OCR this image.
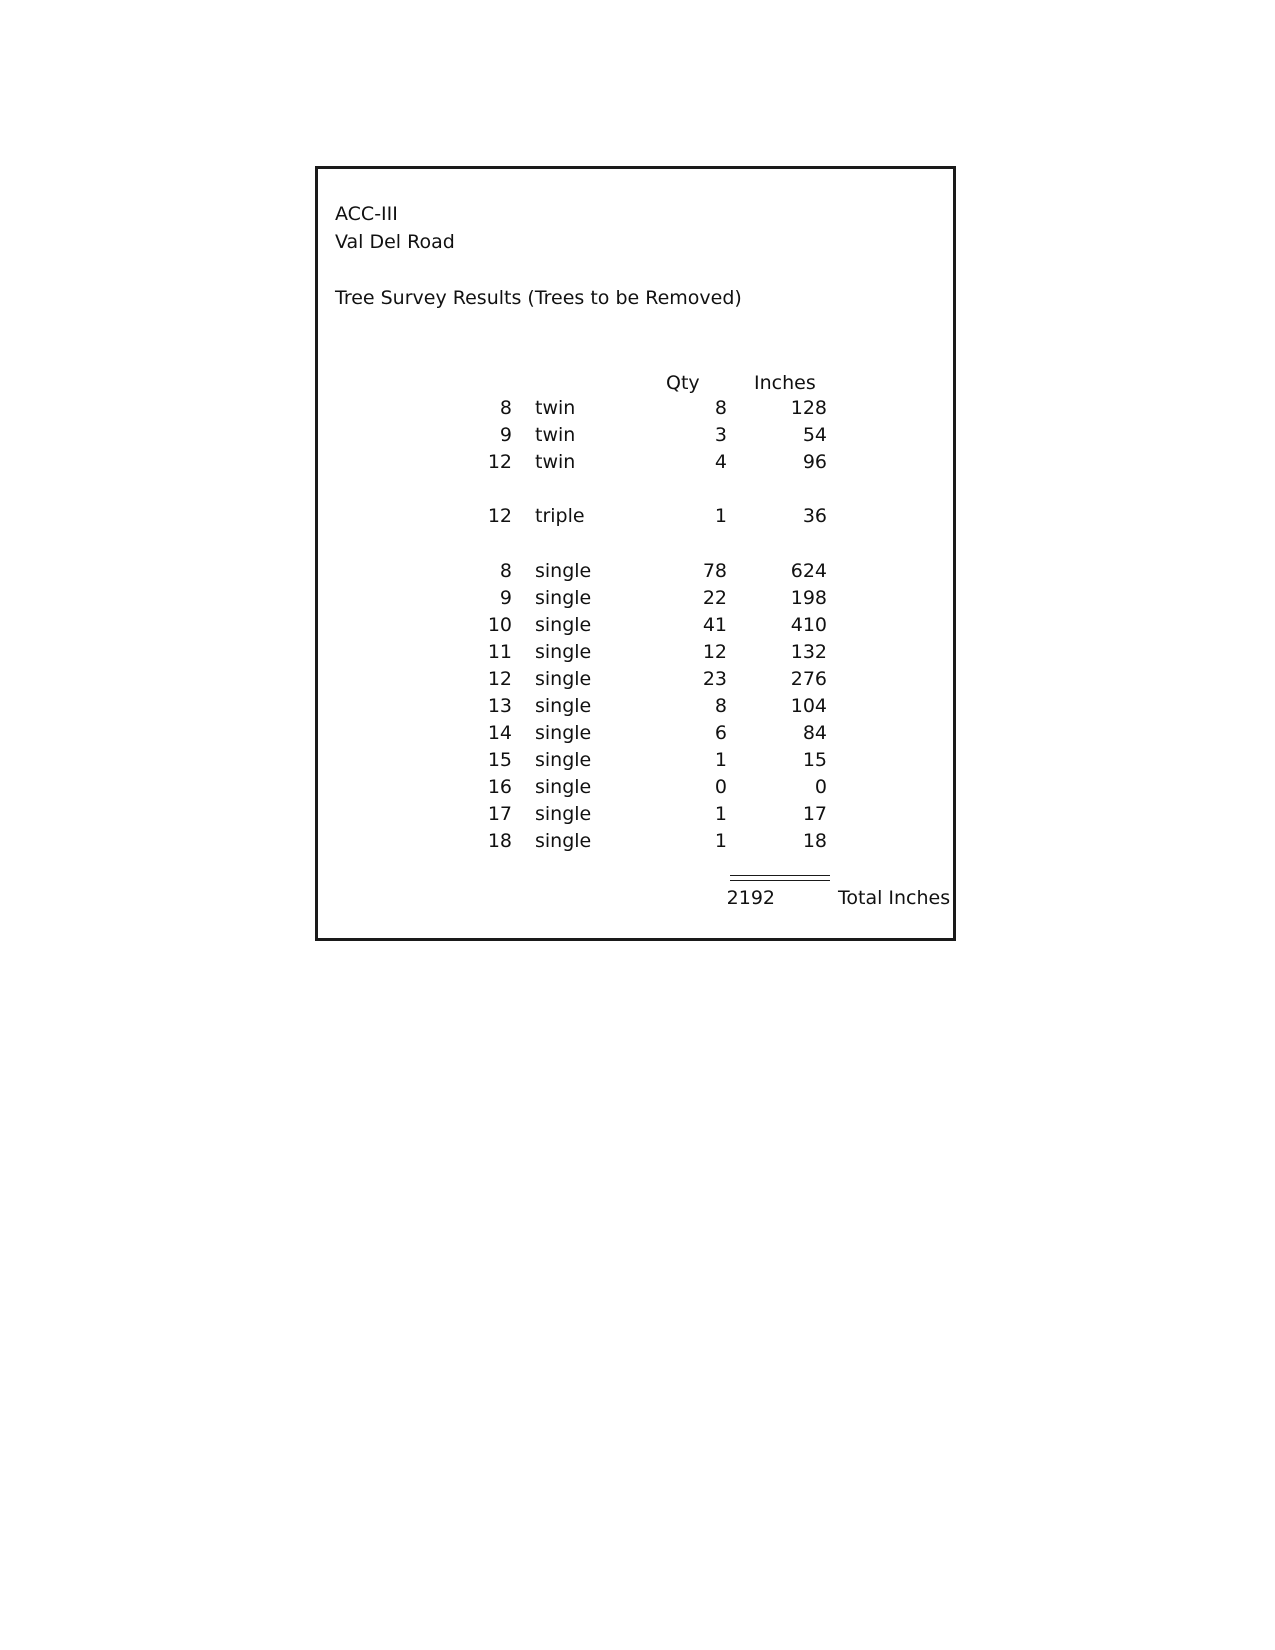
ACC-III
Val Del Road
Tree Survey Results (Trees to be Removed)
Qty	Inches
8 twin	8	128
9 twin	3	54
12 twin	4	96
12 triple	1	36
8 single	78	624
9 single	22	198
10 single	41	410
11 single	12	132
12 single	23	276
13 single	8	104
14 single	6	84
15 single	1	15
16 single	0	0
17 single	1	17
18 single	1	18
2192	Total Inches
